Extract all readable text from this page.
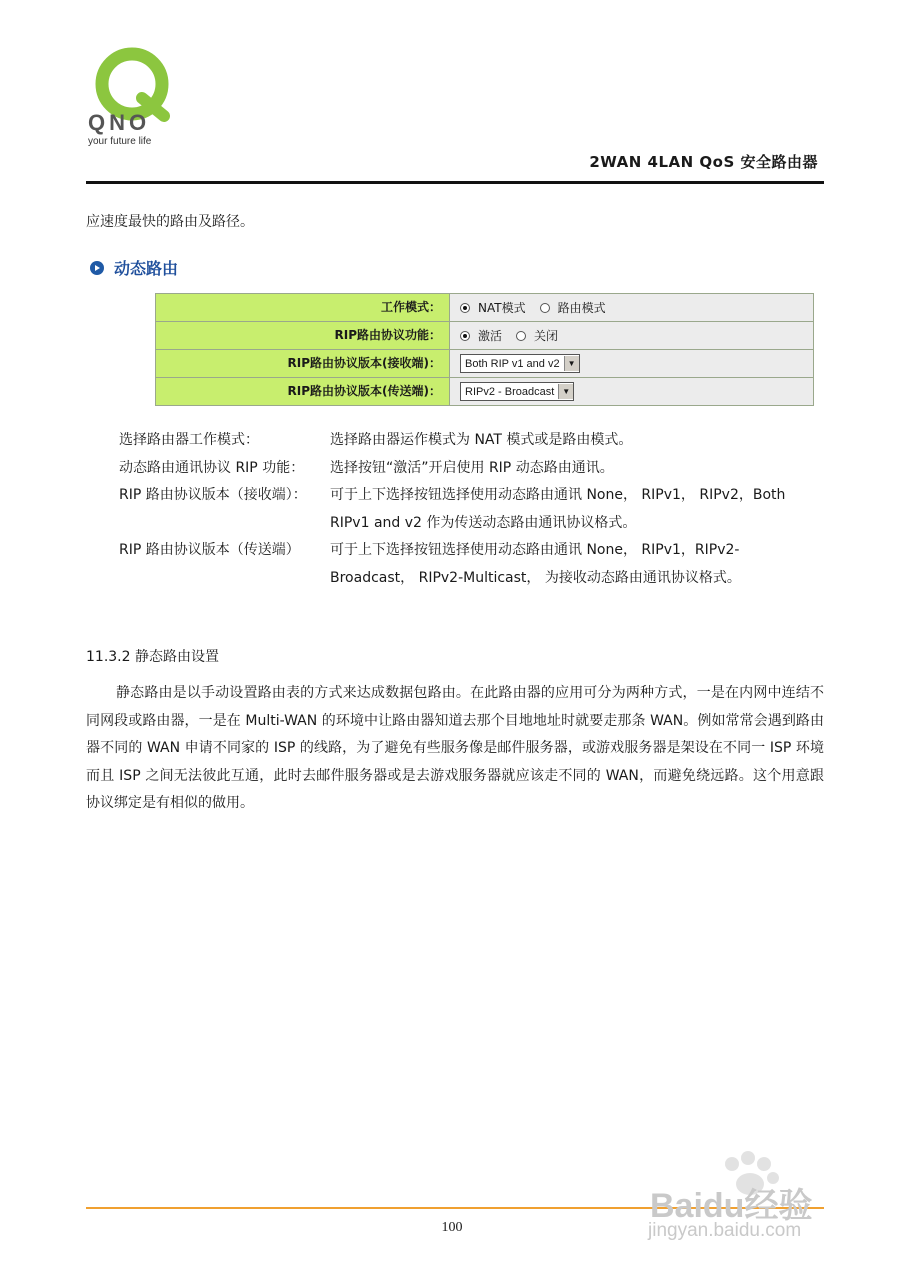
QNO
your future life
2WAN 4LAN QoS 安全路由器
应速度最快的路由及路径。
动态路由
工作模式：	NAT模式	路由模式
RIP路由协议功能：	激活	关闭
RIP路由协议版本(接收端)：	Both RIP v1 and v2	▼
RIP路由协议版本(传送端)：	RIPv2 - Broadcast	▼
选择路由器工作模式：	选择路由器运作模式为 NAT 模式或是路由模式。
动态路由通讯协议 RIP 功能：	选择按钮“激活”开启使用 RIP 动态路由通讯。
RIP 路由协议版本（接收端）：	可于上下选择按钮选择使用动态路由通讯 None， RIPv1， RIPv2，Both RIPv1 and v2 作为传送动态路由通讯协议格式。
RIP 路由协议版本（传送端）	可于上下选择按钮选择使用动态路由通讯 None， RIPv1，RIPv2-Broadcast， RIPv2-Multicast， 为接收动态路由通讯协议格式。
11.3.2 静态路由设置
静态路由是以手动设置路由表的方式来达成数据包路由。在此路由器的应用可分为两种方式，一是在内网中连结不同网段或路由器，一是在 Multi-WAN 的环境中让路由器知道去那个目地地址时就要走那条 WAN。例如常常会遇到路由器不同的 WAN 申请不同家的 ISP 的线路，为了避免有些服务像是邮件服务器，或游戏服务器是架设在不同一 ISP 环境而且 ISP 之间无法彼此互通，此时去邮件服务器或是去游戏服务器就应该走不同的 WAN，而避免绕远路。这个用意跟协议绑定是有相似的做用。
100
Baidu经验
jingyan.baidu.com
